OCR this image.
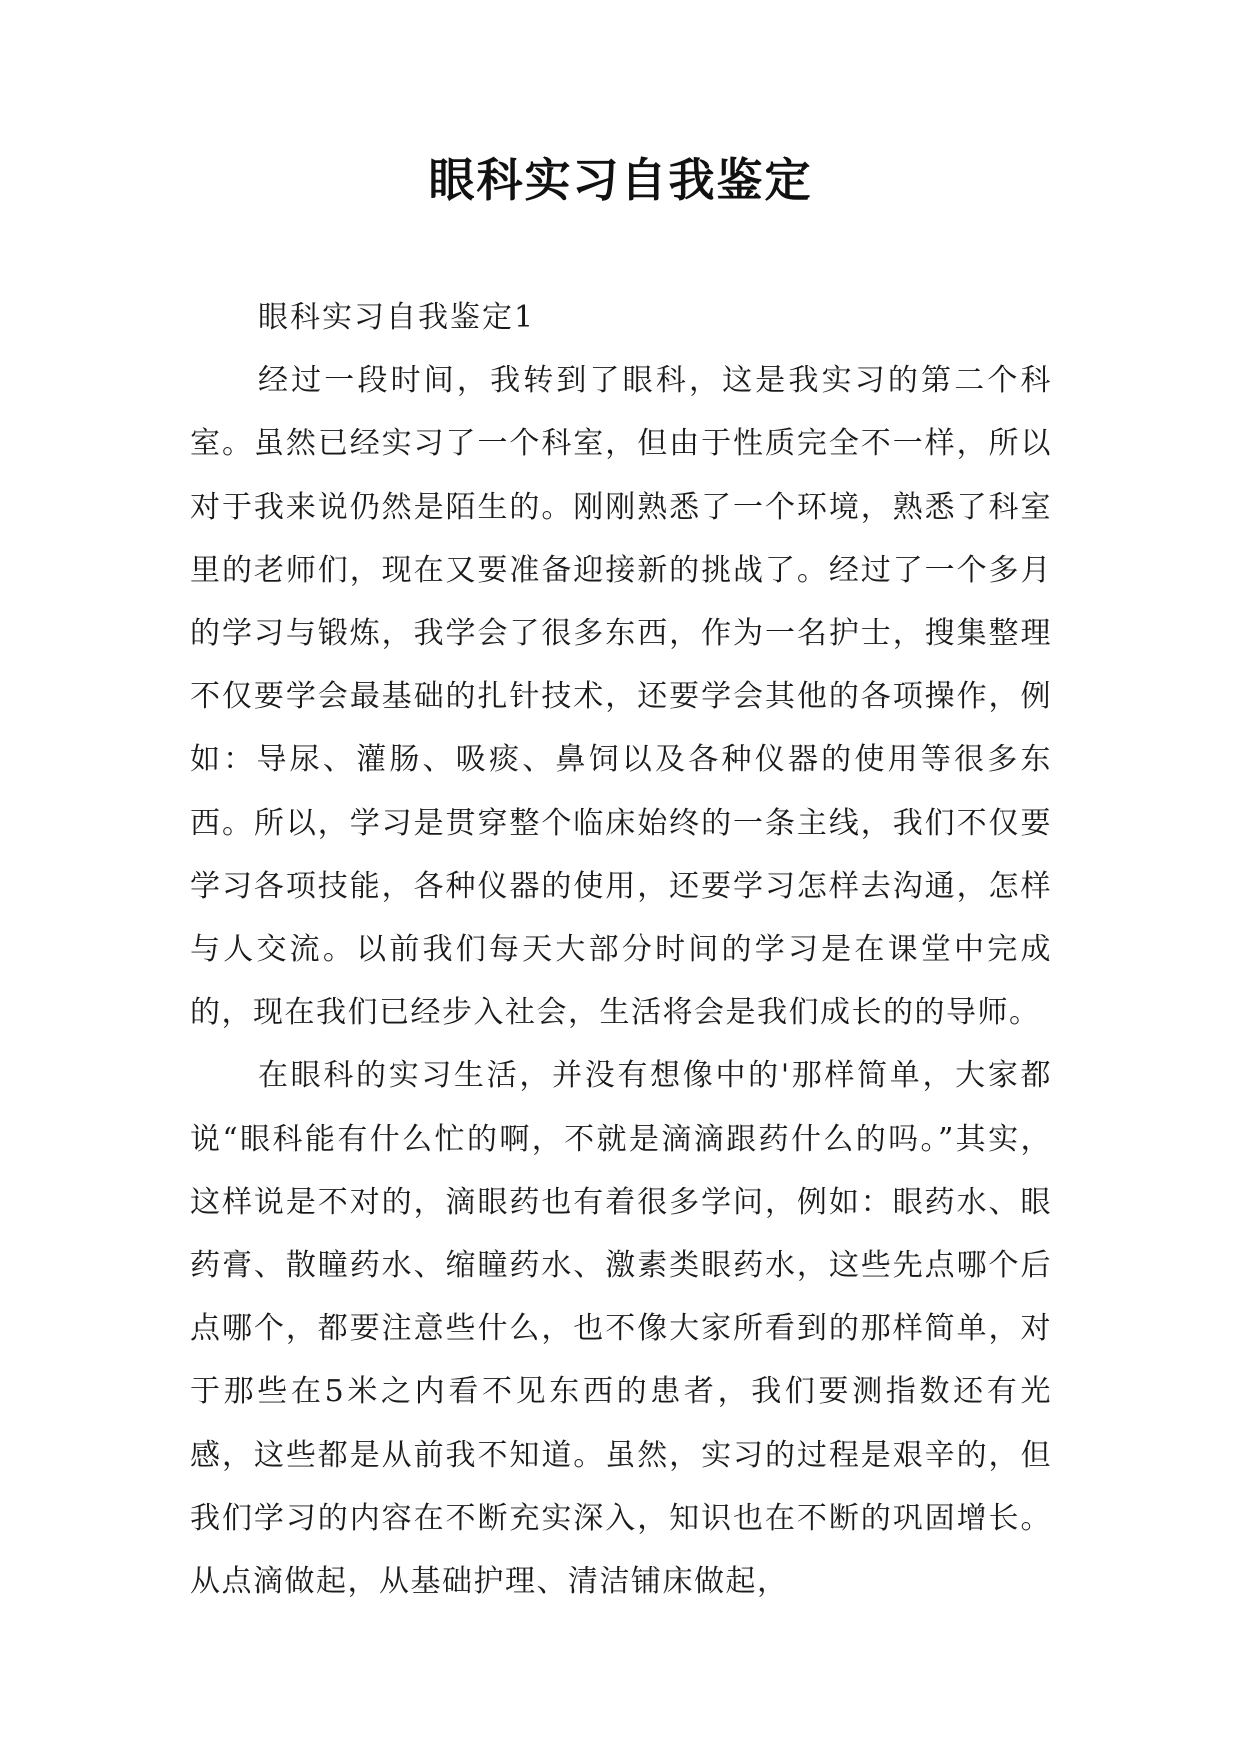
眼科实习自我鉴定
眼科实习自我鉴定1

经过一段时间，我转到了眼科，这是我实习的第二个科室。虽然已经实习了一个科室，但由于性质完全不一样，所以对于我来说仍然是陌生的。刚刚熟悉了一个环境，熟悉了科室里的老师们，现在又要准备迎接新的挑战了。经过了一个多月的学习与锻炼，我学会了很多东西，作为一名护士，搜集整理不仅要学会最基础的扎针技术，还要学会其他的各项操作，例如：导尿、灌肠、吸痰、鼻饲以及各种仪器的使用等很多东西。所以，学习是贯穿整个临床始终的一条主线，我们不仅要学习各项技能，各种仪器的使用，还要学习怎样去沟通，怎样与人交流。以前我们每天大部分时间的学习是在课堂中完成的，现在我们已经步入社会，生活将会是我们成长的的导师。

在眼科的实习生活，并没有想像中的'那样简单，大家都说“眼科能有什么忙的啊，不就是滴滴跟药什么的吗。”其实，这样说是不对的，滴眼药也有着很多学问，例如：眼药水、眼药膏、散瞳药水、缩瞳药水、激素类眼药水，这些先点哪个后点哪个，都要注意些什么，也不像大家所看到的那样简单，对于那些在5米之内看不见东西的患者，我们要测指数还有光感，这些都是从前我不知道。虽然，实习的过程是艰辛的，但我们学习的内容在不断充实深入，知识也在不断的巩固增长。从点滴做起，从基础护理、清洁铺床做起，
